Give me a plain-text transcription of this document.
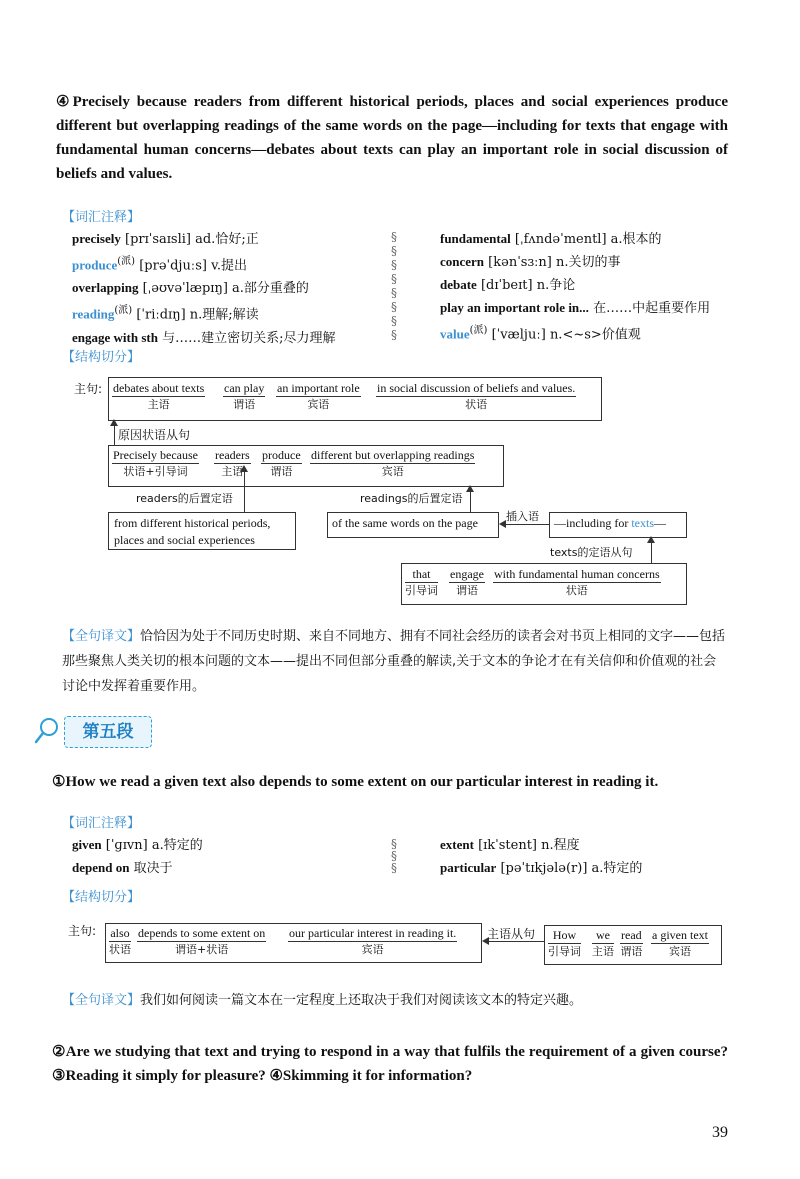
④Precisely because readers from different historical periods, places and social experiences produce different but overlapping readings of the same words on the page—including for texts that engage with fundamental human concerns—debates about texts can play an important role in social discussion of beliefs and values.
【词汇注释】
precisely [prɪˈsaɪsli] ad.恰好;正
produce$^{(派)}$ [prəˈdjuːs] v.提出
overlapping [ˌəʊvəˈlæpɪŋ] a.部分重叠的
reading$^{(派)}$ [ˈriːdɪŋ] n.理解;解读
engage with sth 与……建立密切关系;尽力理解
fundamental [ˌfʌndəˈmentl] a.根本的
concern [kənˈsɜːn] n.关切的事
debate [dɪˈbeɪt] n.争论
play an important role in... 在……中起重要作用
value$^{(派)}$ [ˈvæljuː] n.<~s>价值观
§
§
§
§
§
§
§
§
【结构切分】
主句: debates about texts
主语
can play
谓语
an important role
宾语
in social discussion of beliefs and values.
状语
原因状语从句
Precisely because
状语+引导词
readers
主语
produce
谓语
different but overlapping readings
宾语
readers的后置定语
from different historical periods, places and social experiences
readings的后置定语
of the same words on the page	插入语 —including for texts—
texts的定语从句
that
引导词
engage
谓语
with fundamental human concerns
状语
【全句译文】恰恰因为处于不同历史时期、来自不同地方、拥有不同社会经历的读者会对书页上相同的文字——包括那些聚焦人类关切的根本问题的文本——提出不同但部分重叠的解读,关于文本的争论才在有关信仰和价值观的社会讨论中发挥着重要作用。
第五段
①How we read a given text also depends to some extent on our particular interest in reading it.
【词汇注释】
given [ˈɡɪvn] a.特定的
depend on 取决于
extent [ɪkˈstent] n.程度
particular [pəˈtɪkjələ(r)] a.特定的
§
§
§
【结构切分】
主句: also
状语
depends to some extent on
谓语+状语
our particular interest in reading it.
宾语
主语从句	How
引导词
we
主语
read
谓语
a given text
宾语
【全句译文】我们如何阅读一篇文本在一定程度上还取决于我们对阅读该文本的特定兴趣。
②Are we studying that text and trying to respond in a way that fulfils the requirement of a given course? ③Reading it simply for pleasure? ④Skimming it for information?
39
